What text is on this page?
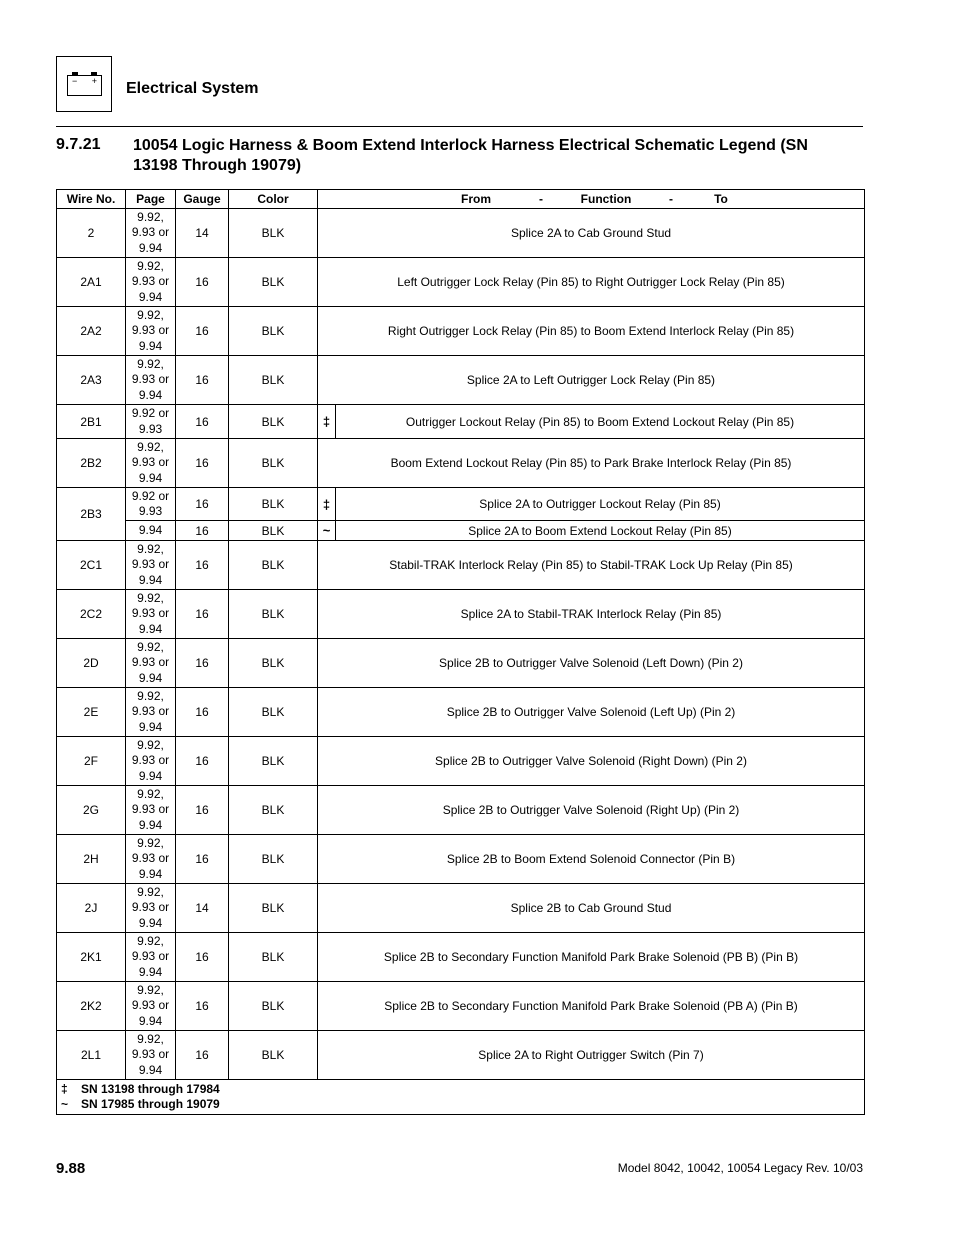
− + Electrical System
9.7.21 10054 Logic Harness & Boom Extend Interlock Harness Electrical Schematic Legend (SN 13198 Through 19079)
Wire No.	Page	Gauge	Color	From - Function - To	
2	9.92, 9.93 or 9.94	14	BLK	Splice 2A to Cab Ground Stud	
2A1	9.92, 9.93 or 9.94	16	BLK	Left Outrigger Lock Relay (Pin 85) to Right Outrigger Lock Relay (Pin 85)	
2A2	9.92, 9.93 or 9.94	16	BLK	Right Outrigger Lock Relay (Pin 85) to Boom Extend Interlock Relay (Pin 85)	
2A3	9.92, 9.93 or 9.94	16	BLK	Splice 2A to Left Outrigger Lock Relay (Pin 85)	
2B1	9.92 or 9.93	16	BLK	‡	Outrigger Lockout Relay (Pin 85) to Boom Extend Lockout Relay (Pin 85)
2B2	9.92, 9.93 or 9.94	16	BLK	Boom Extend Lockout Relay (Pin 85) to Park Brake Interlock Relay (Pin 85)	
2B3	9.92 or 9.93	16	BLK	‡	Splice 2A to Outrigger Lockout Relay (Pin 85)
	9.94	16	BLK	~	Splice 2A to Boom Extend Lockout Relay (Pin 85)
2C1	9.92, 9.93 or 9.94	16	BLK	Stabil-TRAK Interlock Relay (Pin 85) to Stabil-TRAK Lock Up Relay (Pin 85)	
2C2	9.92, 9.93 or 9.94	16	BLK	Splice 2A to Stabil-TRAK Interlock Relay (Pin 85)	
2D	9.92, 9.93 or 9.94	16	BLK	Splice 2B to Outrigger Valve Solenoid (Left Down) (Pin 2)	
2E	9.92, 9.93 or 9.94	16	BLK	Splice 2B to Outrigger Valve Solenoid (Left Up) (Pin 2)	
2F	9.92, 9.93 or 9.94	16	BLK	Splice 2B to Outrigger Valve Solenoid (Right Down) (Pin 2)	
2G	9.92, 9.93 or 9.94	16	BLK	Splice 2B to Outrigger Valve Solenoid (Right Up) (Pin 2)	
2H	9.92, 9.93 or 9.94	16	BLK	Splice 2B to Boom Extend Solenoid Connector (Pin B)	
2J	9.92, 9.93 or 9.94	14	BLK	Splice 2B to Cab Ground Stud	
2K1	9.92, 9.93 or 9.94	16	BLK	Splice 2B to Secondary Function Manifold Park Brake Solenoid (PB B) (Pin B)	
2K2	9.92, 9.93 or 9.94	16	BLK	Splice 2B to Secondary Function Manifold Park Brake Solenoid (PB A) (Pin B)	
2L1	9.92, 9.93 or 9.94	16	BLK	Splice 2A to Right Outrigger Switch (Pin 7)	

‡ SN 13198 through 17984
~ SN 17985 through 19079					
9.88	Model 8042, 10042, 10054 Legacy Rev. 10/03
